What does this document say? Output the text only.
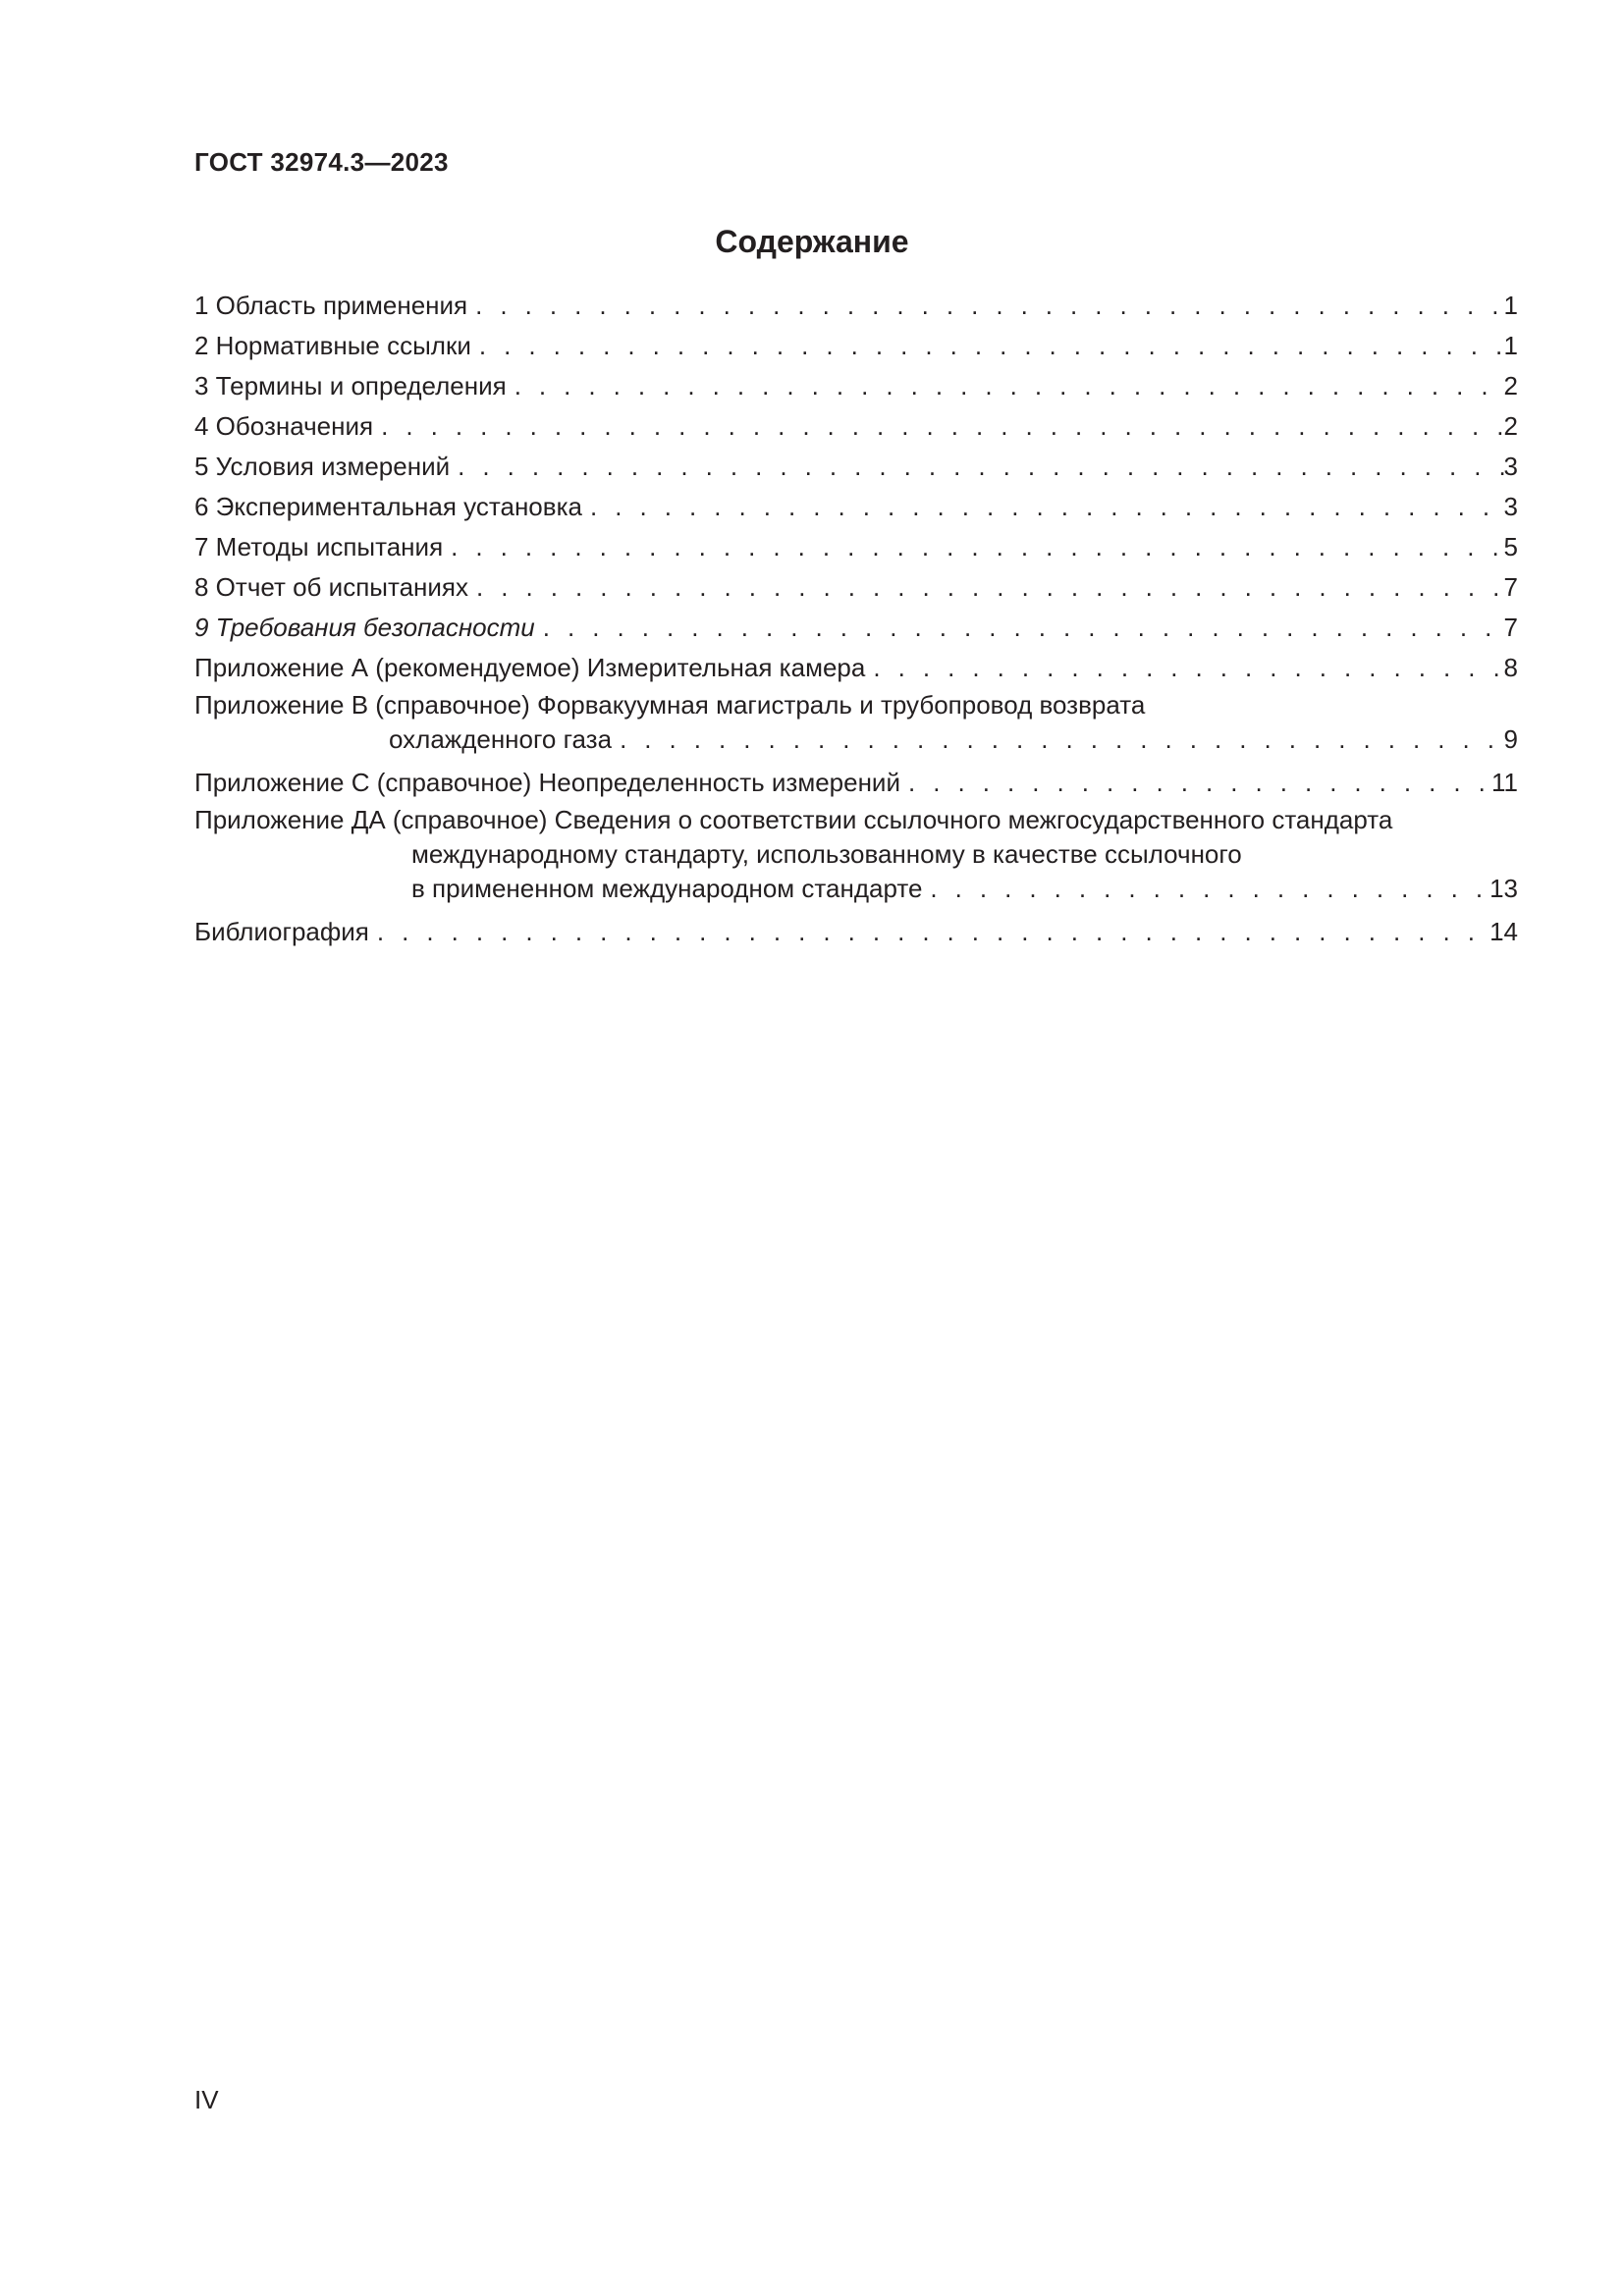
ГОСТ 32974.3—2023
Содержание
1 Область применения . . .	1
2 Нормативные ссылки . . .	1
3 Термины и определения . . .	2
4 Обозначения . . .	2
5 Условия измерений . . .	3
6 Экспериментальная установка . . .	3
7 Методы испытания . . .	5
8 Отчет об испытаниях . . .	7
9 Требования безопасности . . .	7
Приложение А (рекомендуемое) Измерительная камера . . .	8
Приложение В (справочное) Форвакуумная магистраль и трубопровод возврата
охлажденного газа . . .	9
Приложение С (справочное) Неопределенность измерений . . .	11
Приложение ДА (справочное) Сведения о соответствии ссылочного межгосударственного стандарта
международному стандарту, использованному в качестве ссылочного
в примененном международном стандарте . . .	13
Библиография . . .	14
IV
